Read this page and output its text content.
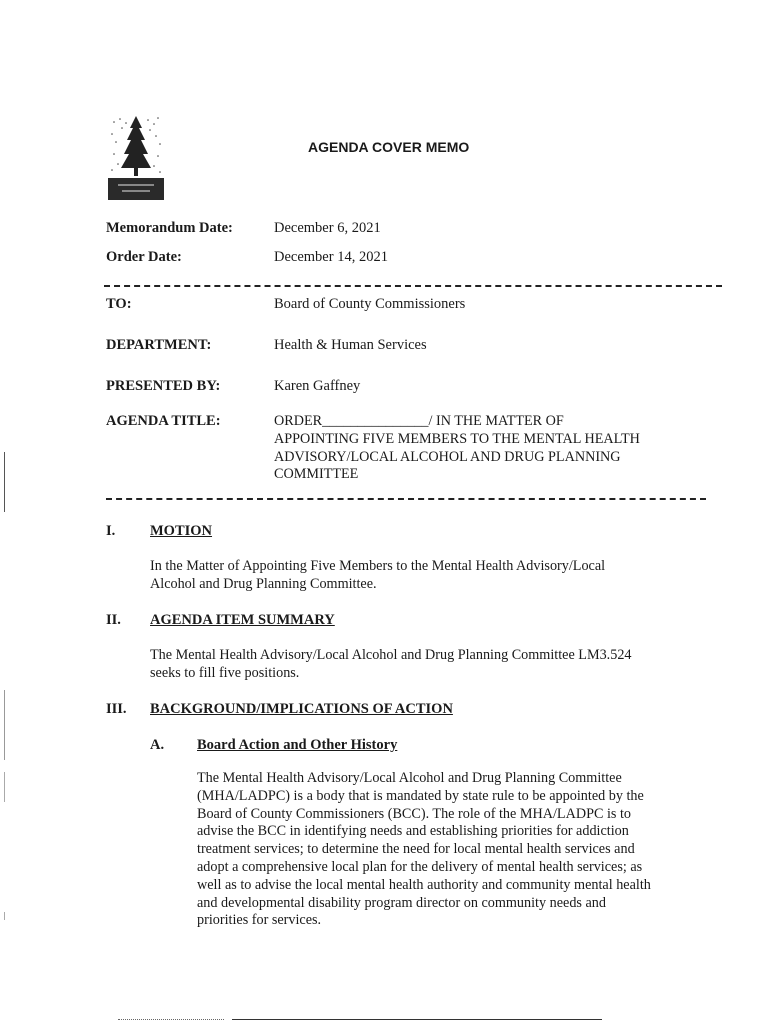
AGENDA COVER MEMO
Memorandum Date:	December 6, 2021
Order Date:	December 14, 2021
TO:	Board of County Commissioners
DEPARTMENT:	Health & Human Services
PRESENTED BY:	Karen Gaffney
AGENDA TITLE:	ORDER_______________/ IN THE MATTER OF
APPOINTING FIVE MEMBERS TO THE MENTAL HEALTH
ADVISORY/LOCAL ALCOHOL AND DRUG PLANNING
COMMITTEE
I. MOTION
In the Matter of Appointing Five Members to the Mental Health Advisory/Local
Alcohol and Drug Planning Committee.
II. AGENDA ITEM SUMMARY
The Mental Health Advisory/Local Alcohol and Drug Planning Committee LM3.524
seeks to fill five positions.
III. BACKGROUND/IMPLICATIONS OF ACTION
A. Board Action and Other History
The Mental Health Advisory/Local Alcohol and Drug Planning Committee
(MHA/LADPC) is a body that is mandated by state rule to be appointed by the
Board of County Commissioners (BCC). The role of the MHA/LADPC is to
advise the BCC in identifying needs and establishing priorities for addiction
treatment services; to determine the need for local mental health services and
adopt a comprehensive local plan for the delivery of mental health services; as
well as to advise the local mental health authority and community mental health
and developmental disability program director on community needs and
priorities for services.
